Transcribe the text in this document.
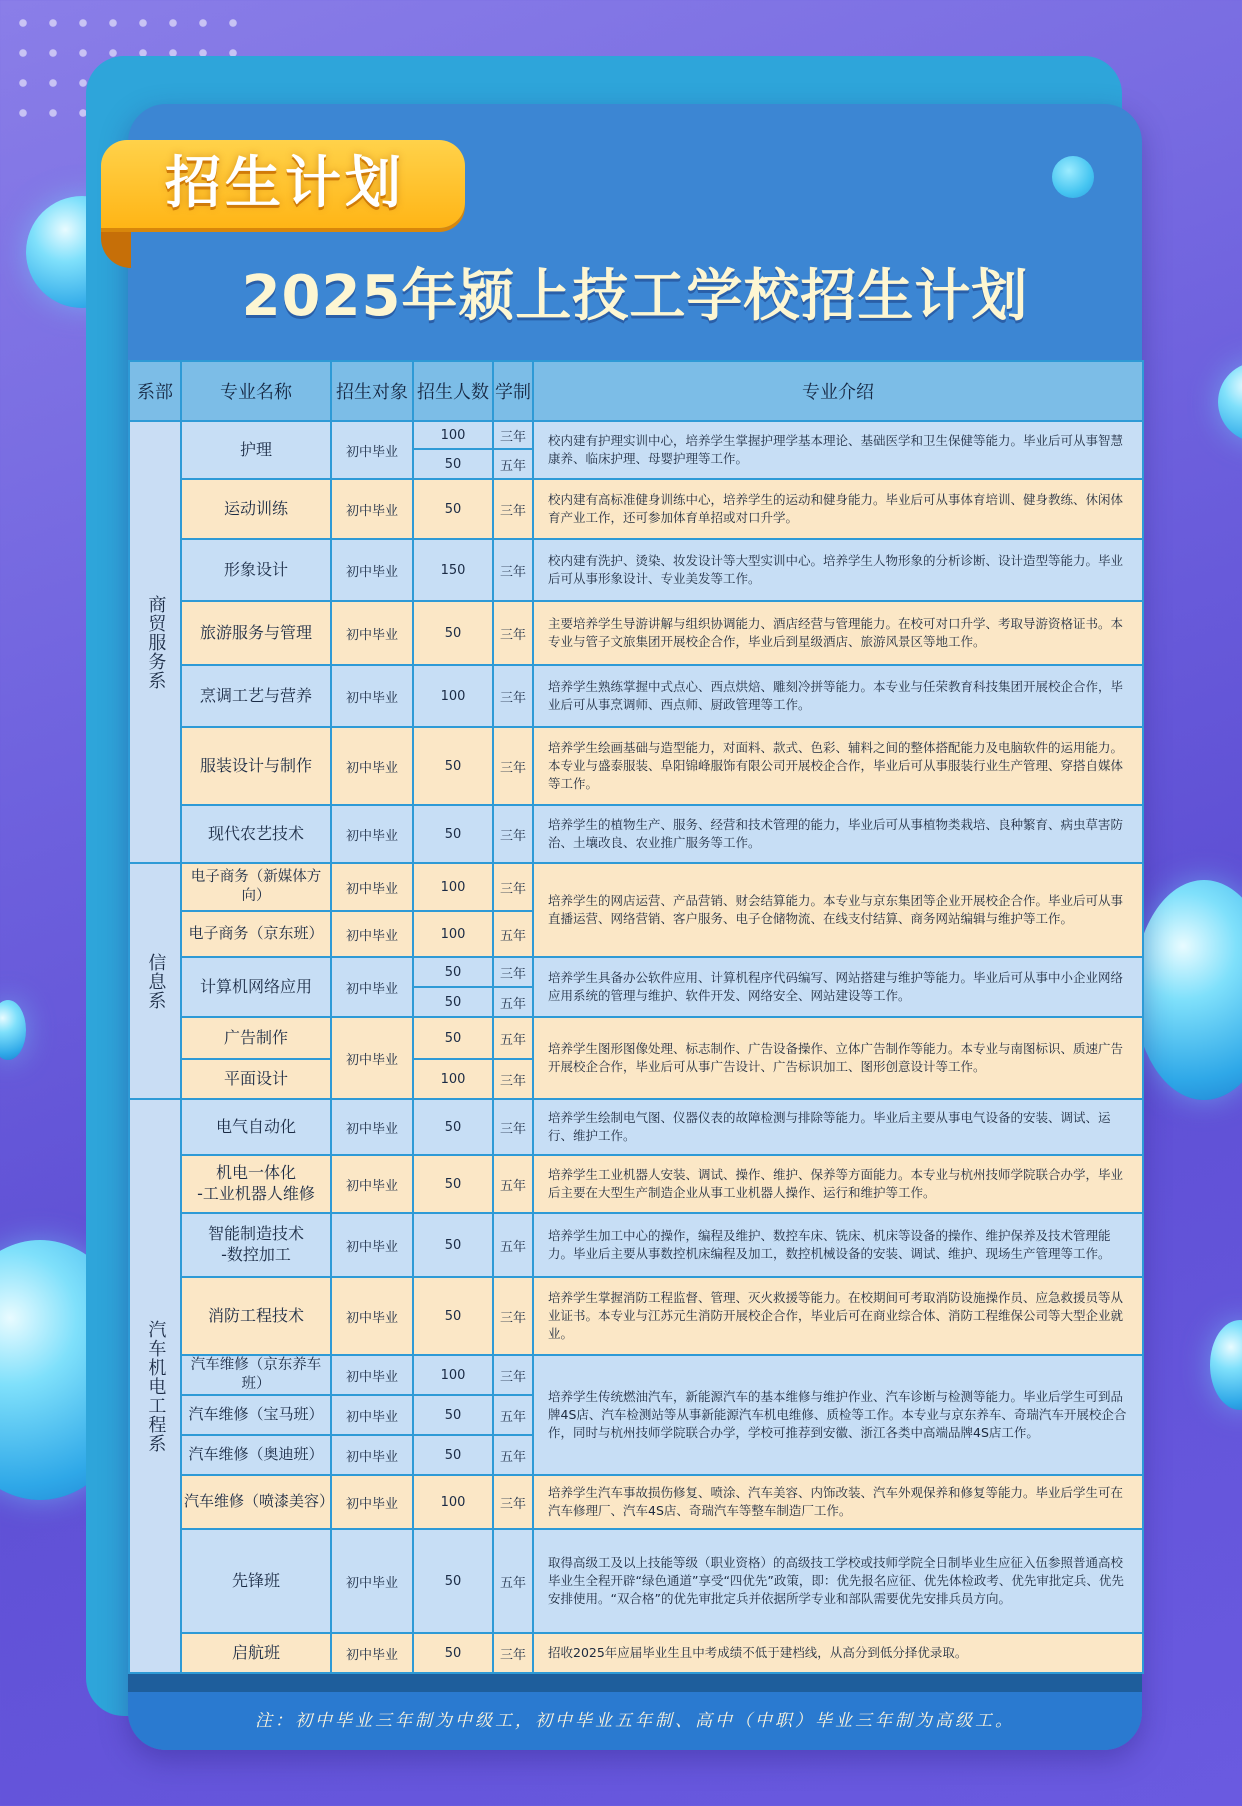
招生计划
2025年颍上技工学校招生计划
系部	专业名称	招生对象	招生人数	学制	专业介绍

商贸服务系	护理	初中毕业	100	三年	校内建有护理实训中心，培养学生掌握护理学基本理论、基础医学和卫生保健等能力。毕业后可从事智慧康养、临床护理、母婴护理等工作。
			50	五年	
	运动训练	初中毕业	50	三年	校内建有高标准健身训练中心，培养学生的运动和健身能力。毕业后可从事体育培训、健身教练、休闲体育产业工作，还可参加体育单招或对口升学。
	形象设计	初中毕业	150	三年	校内建有洗护、烫染、妆发设计等大型实训中心。培养学生人物形象的分析诊断、设计造型等能力。毕业后可从事形象设计、专业美发等工作。
	旅游服务与管理	初中毕业	50	三年	主要培养学生导游讲解与组织协调能力、酒店经营与管理能力。在校可对口升学、考取导游资格证书。本专业与管子文旅集团开展校企合作，毕业后到星级酒店、旅游风景区等地工作。
	烹调工艺与营养	初中毕业	100	三年	培养学生熟练掌握中式点心、西点烘焙、雕刻冷拼等能力。本专业与任荣教育科技集团开展校企合作，毕业后可从事烹调师、西点师、厨政管理等工作。
	服装设计与制作	初中毕业	50	三年	培养学生绘画基础与造型能力，对面料、款式、色彩、辅料之间的整体搭配能力及电脑软件的运用能力。本专业与盛泰服装、阜阳锦峰服饰有限公司开展校企合作，毕业后可从事服装行业生产管理、穿搭自媒体等工作。
	现代农艺技术	初中毕业	50	三年	培养学生的植物生产、服务、经营和技术管理的能力，毕业后可从事植物类栽培、良种繁育、病虫草害防治、土壤改良、农业推广服务等工作。

信息系	电子商务（新媒体方向）	初中毕业	100	三年	培养学生的网店运营、产品营销、财会结算能力。本专业与京东集团等企业开展校企合作。毕业后可从事直播运营、网络营销、客户服务、电子仓储物流、在线支付结算、商务网站编辑与维护等工作。
	电子商务（京东班）	初中毕业	100	五年	
	计算机网络应用	初中毕业	50	三年	培养学生具备办公软件应用、计算机程序代码编写、网站搭建与维护等能力。毕业后可从事中小企业网络应用系统的管理与维护、软件开发、网络安全、网站建设等工作。
			50	五年	
	广告制作	初中毕业	50	五年	培养学生图形图像处理、标志制作、广告设备操作、立体广告制作等能力。本专业与南图标识、质速广告开展校企合作，毕业后可从事广告设计、广告标识加工、图形创意设计等工作。
	平面设计		100	三年	

汽车机电工程系	电气自动化	初中毕业	50	三年	培养学生绘制电气图、仪器仪表的故障检测与排除等能力。毕业后主要从事电气设备的安装、调试、运行、维护工作。

	机电一体化
-工业机器人维修	初中毕业	50	五年	培养学生工业机器人安装、调试、操作、维护、保养等方面能力。本专业与杭州技师学院联合办学，毕业后主要在大型生产制造企业从事工业机器人操作、运行和维护等工作。

	智能制造技术
-数控加工	初中毕业	50	五年	培养学生加工中心的操作，编程及维护、数控车床、铣床、机床等设备的操作、维护保养及技术管理能力。毕业后主要从事数控机床编程及加工，数控机械设备的安装、调试、维护、现场生产管理等工作。
	消防工程技术	初中毕业	50	三年	培养学生掌握消防工程监督、管理、灭火救援等能力。在校期间可考取消防设施操作员、应急救援员等从业证书。本专业与江苏元生消防开展校企合作，毕业后可在商业综合体、消防工程维保公司等大型企业就业。
	汽车维修（京东养车班）	初中毕业	100	三年	培养学生传统燃油汽车，新能源汽车的基本维修与维护作业、汽车诊断与检测等能力。毕业后学生可到品牌4S店、汽车检测站等从事新能源汽车机电维修、质检等工作。本专业与京东养车、奇瑞汽车开展校企合作，同时与杭州技师学院联合办学，学校可推荐到安徽、浙江各类中高端品牌4S店工作。
	汽车维修（宝马班）	初中毕业	50	五年	
	汽车维修（奥迪班）	初中毕业	50	五年	
	汽车维修（喷漆美容）	初中毕业	100	三年	培养学生汽车事故损伤修复、喷涂、汽车美容、内饰改装、汽车外观保养和修复等能力。毕业后学生可在汽车修理厂、汽车4S店、奇瑞汽车等整车制造厂工作。
	先锋班	初中毕业	50	五年	取得高级工及以上技能等级（职业资格）的高级技工学校或技师学院全日制毕业生应征入伍参照普通高校毕业生全程开辟“绿色通道”享受“四优先”政策，即：优先报名应征、优先体检政考、优先审批定兵、优先安排使用。“双合格”的优先审批定兵并依据所学专业和部队需要优先安排兵员方向。
	启航班	初中毕业	50	三年	招收2025年应届毕业生且中考成绩不低于建档线，从高分到低分择优录取。
注：初中毕业三年制为中级工，初中毕业五年制、高中（中职）毕业三年制为高级工。
